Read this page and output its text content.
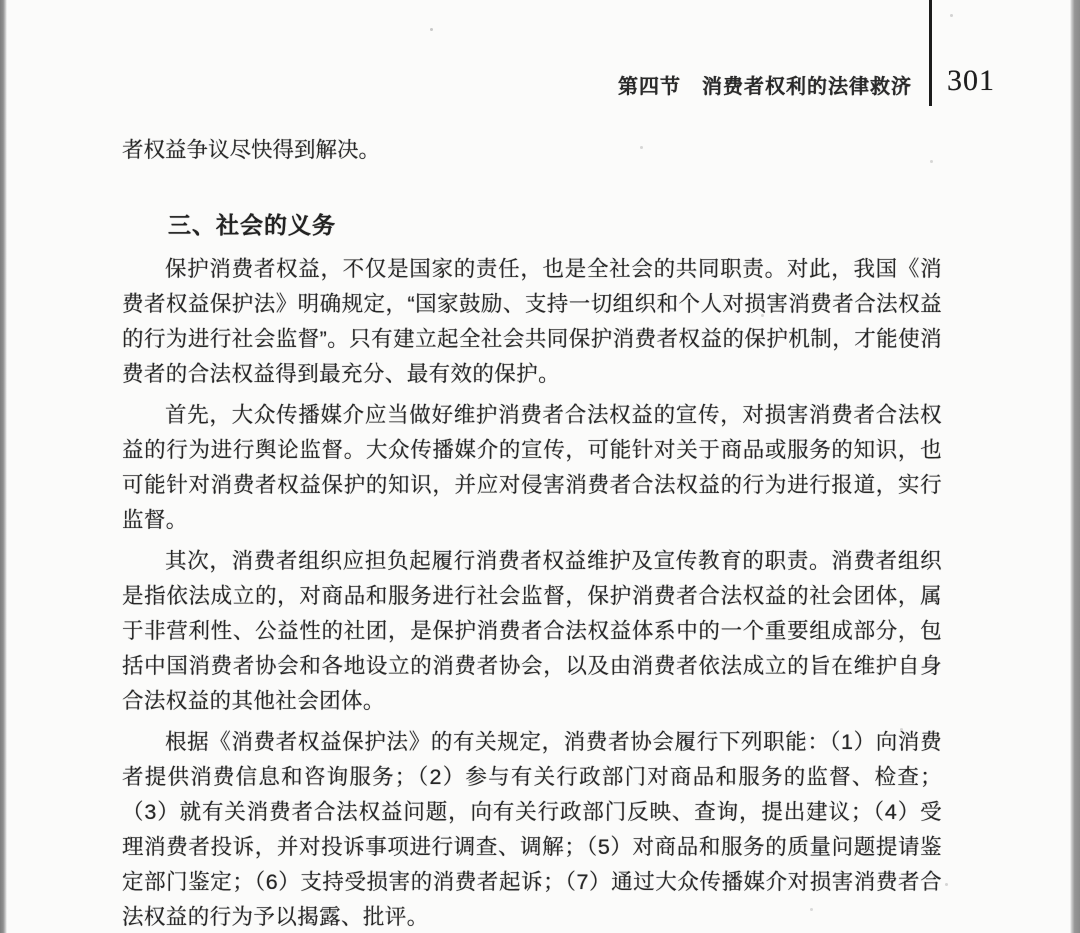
第四节　消费者权利的法律救济 301

者权益争议尽快得到解决。

三、社会的义务

保护消费者权益，不仅是国家的责任，也是全社会的共同职责。对此，我国《消费者权益保护法》明确规定，“国家鼓励、支持一切组织和个人对损害消费者合法权益的行为进行社会监督”。只有建立起全社会共同保护消费者权益的保护机制，才能使消费者的合法权益得到最充分、最有效的保护。

首先，大众传播媒介应当做好维护消费者合法权益的宣传，对损害消费者合法权益的行为进行舆论监督。大众传播媒介的宣传，可能针对关于商品或服务的知识，也可能针对消费者权益保护的知识，并应对侵害消费者合法权益的行为进行报道，实行监督。

其次，消费者组织应担负起履行消费者权益维护及宣传教育的职责。消费者组织是指依法成立的，对商品和服务进行社会监督，保护消费者合法权益的社会团体，属于非营利性、公益性的社团，是保护消费者合法权益体系中的一个重要组成部分，包括中国消费者协会和各地设立的消费者协会，以及由消费者依法成立的旨在维护自身合法权益的其他社会团体。

根据《消费者权益保护法》的有关规定，消费者协会履行下列职能：（1）向消费者提供消费信息和咨询服务；（2）参与有关行政部门对商品和服务的监督、检查；（3）就有关消费者合法权益问题，向有关行政部门反映、查询，提出建议；（4）受理消费者投诉，并对投诉事项进行调查、调解；（5）对商品和服务的质量问题提请鉴定部门鉴定；（6）支持受损害的消费者起诉；（7）通过大众传播媒介对损害消费者合法权益的行为予以揭露、批评。
